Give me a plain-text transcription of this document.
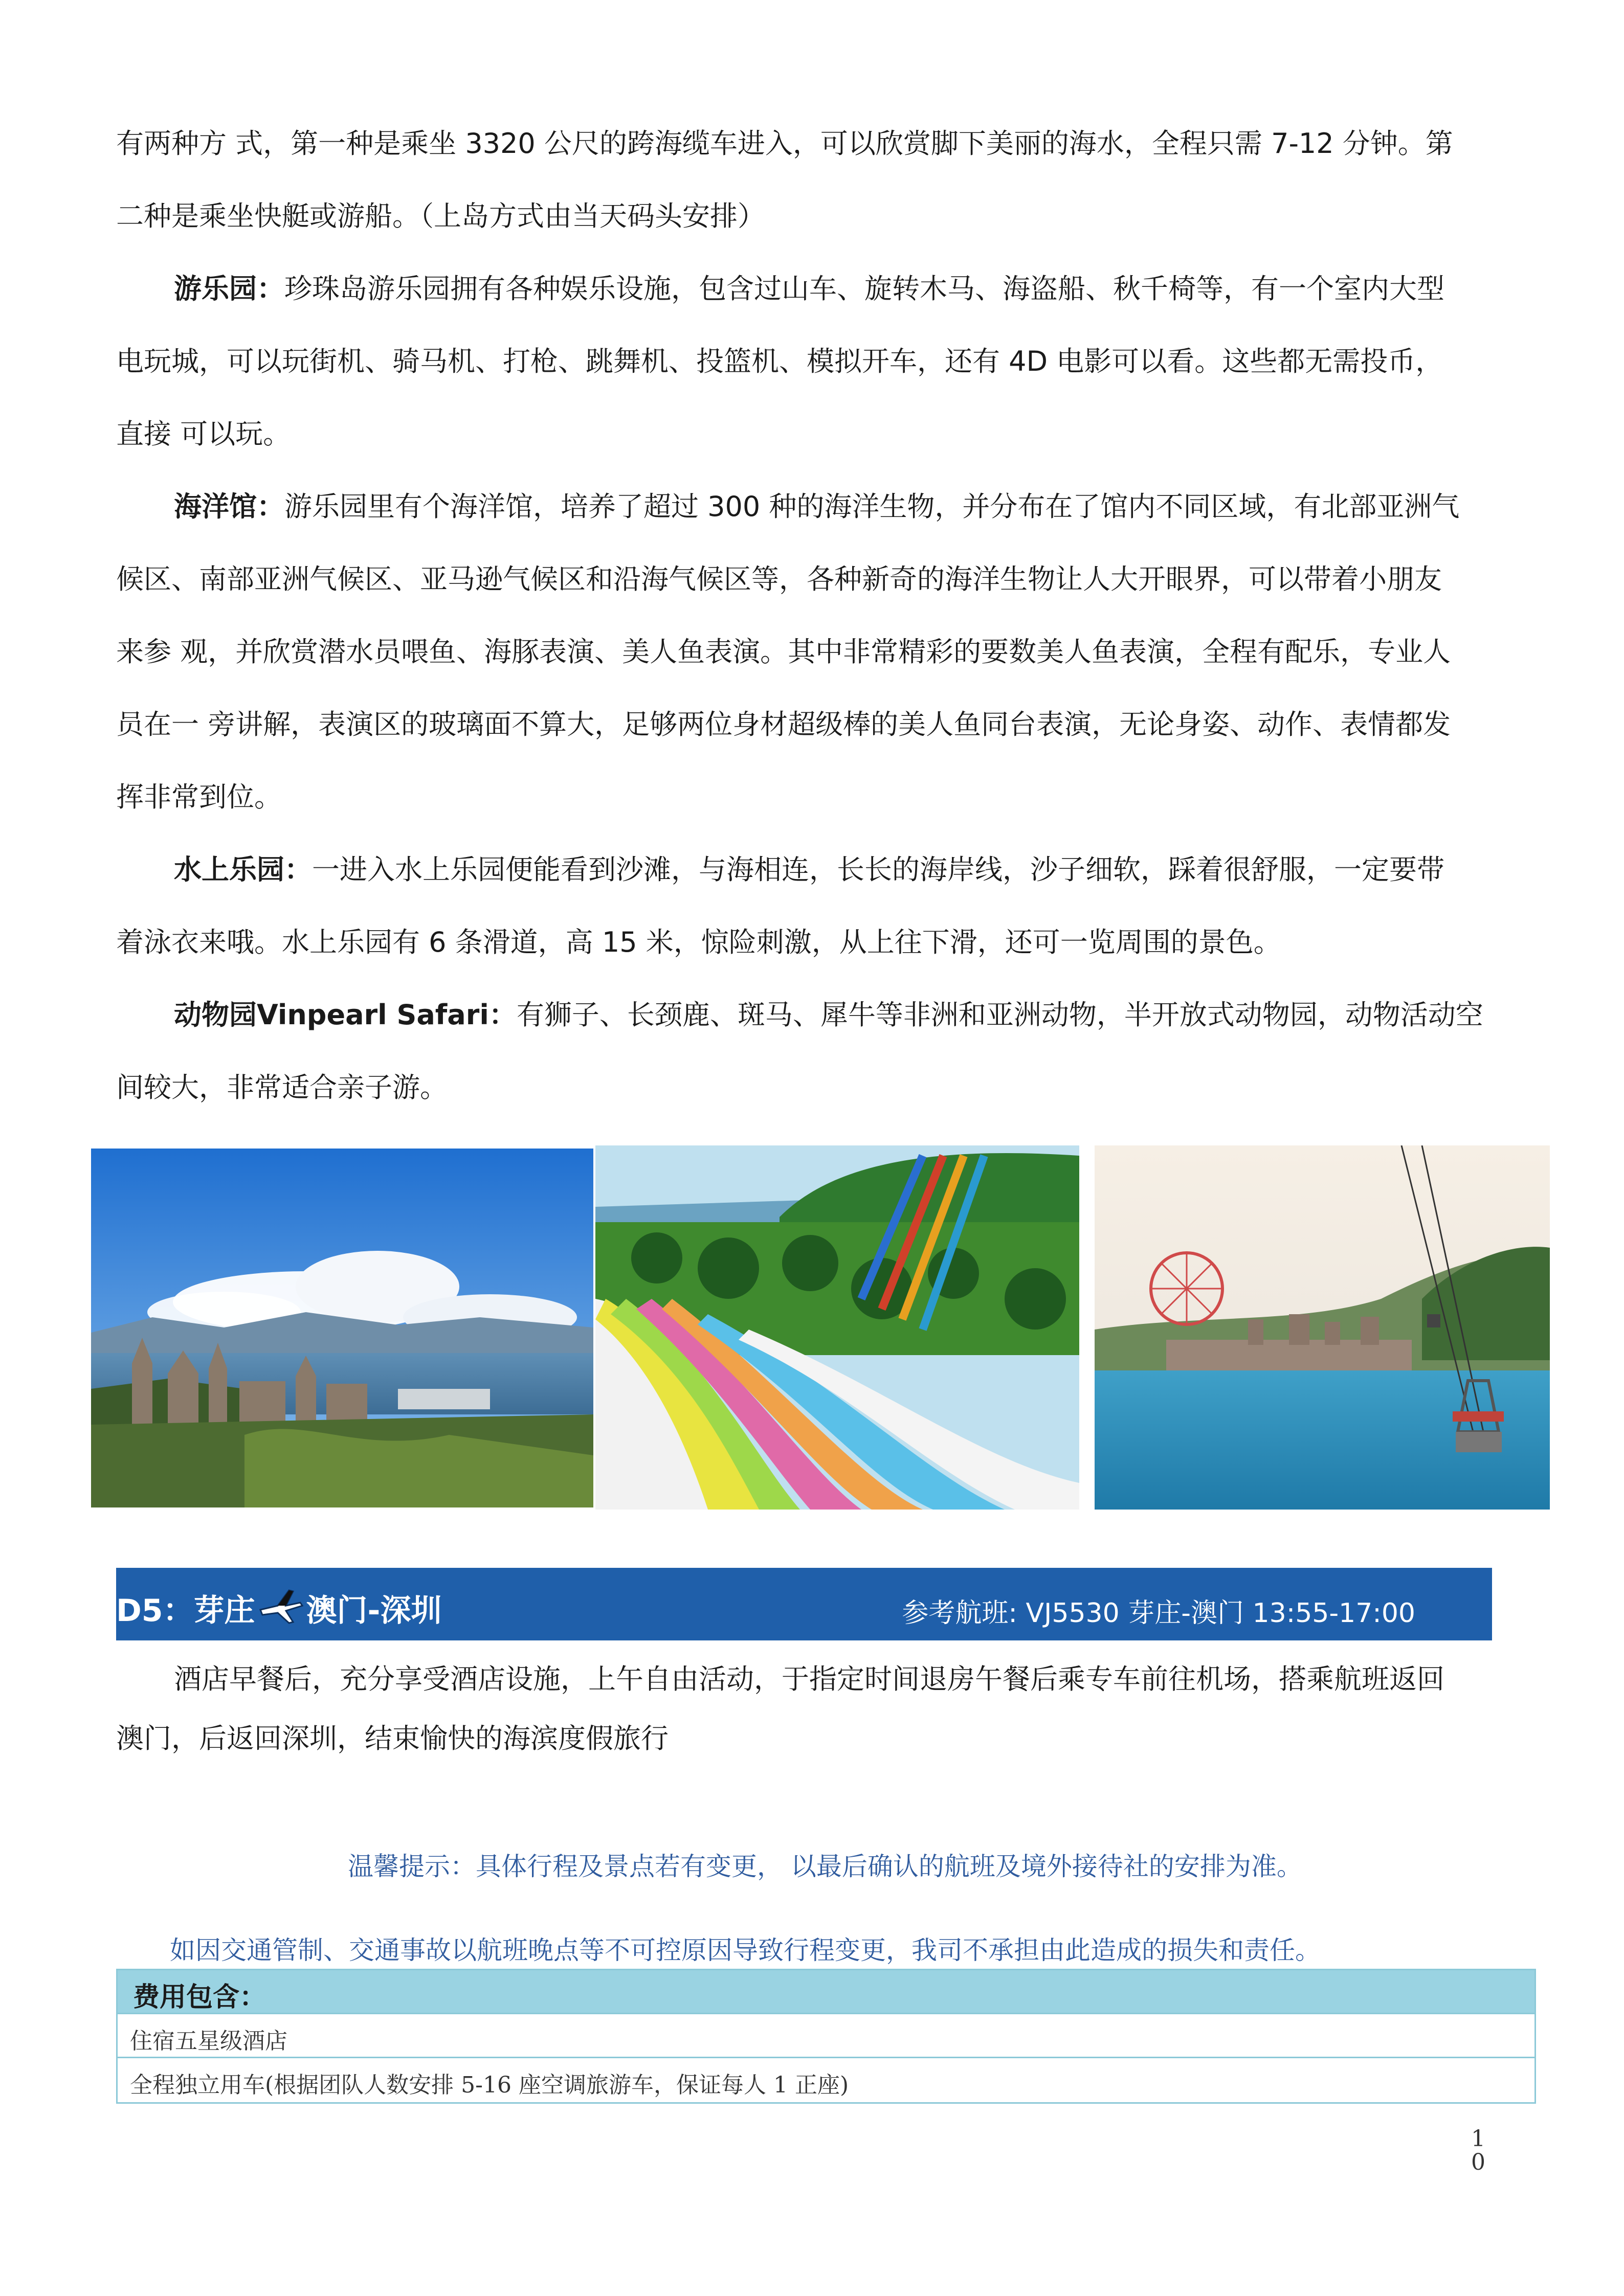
有两种方 式，第一种是乘坐 3320 公尺的跨海缆车进入，可以欣赏脚下美丽的海水，全程只需 7-12 分钟。第
二种是乘坐快艇或游船。（上岛方式由当天码头安排）

游乐园：珍珠岛游乐园拥有各种娱乐设施，包含过山车、旋转木马、海盗船、秋千椅等，有一个室内大型
电玩城，可以玩街机、骑马机、打枪、跳舞机、投篮机、模拟开车，还有 4D 电影可以看。这些都无需投币，
直接 可以玩。

海洋馆：游乐园里有个海洋馆，培养了超过 300 种的海洋生物，并分布在了馆内不同区域，有北部亚洲气
候区、南部亚洲气候区、亚马逊气候区和沿海气候区等，各种新奇的海洋生物让人大开眼界，可以带着小朋友
来参 观，并欣赏潜水员喂鱼、海豚表演、美人鱼表演。其中非常精彩的要数美人鱼表演，全程有配乐，专业人
员在一 旁讲解，表演区的玻璃面不算大，足够两位身材超级棒的美人鱼同台表演，无论身姿、动作、表情都发
挥非常到位。

水上乐园：一进入水上乐园便能看到沙滩，与海相连，长长的海岸线，沙子细软，踩着很舒服，一定要带
着泳衣来哦。水上乐园有 6 条滑道，高 15 米，惊险刺激，从上往下滑，还可一览周围的景色。

动物园Vinpearl Safari：有狮子、长颈鹿、斑马、犀牛等非洲和亚洲动物，半开放式动物园，动物活动空
间较大，非常适合亲子游。

D5：芽庄 澳门-深圳	参考航班: VJ5530 芽庄-澳门 13:55-17:00

酒店早餐后，充分享受酒店设施，上午自由活动，于指定时间退房午餐后乘专车前往机场，搭乘航班返回
澳门，后返回深圳，结束愉快的海滨度假旅行

温馨提示：具体行程及景点若有变更， 以最后确认的航班及境外接待社的安排为准。

如因交通管制、交通事故以航班晚点等不可控原因导致行程变更，我司不承担由此造成的损失和责任。

费用包含：
住宿五星级酒店
全程独立用车(根据团队人数安排 5-16 座空调旅游车，保证每人 1 正座)
1
0
